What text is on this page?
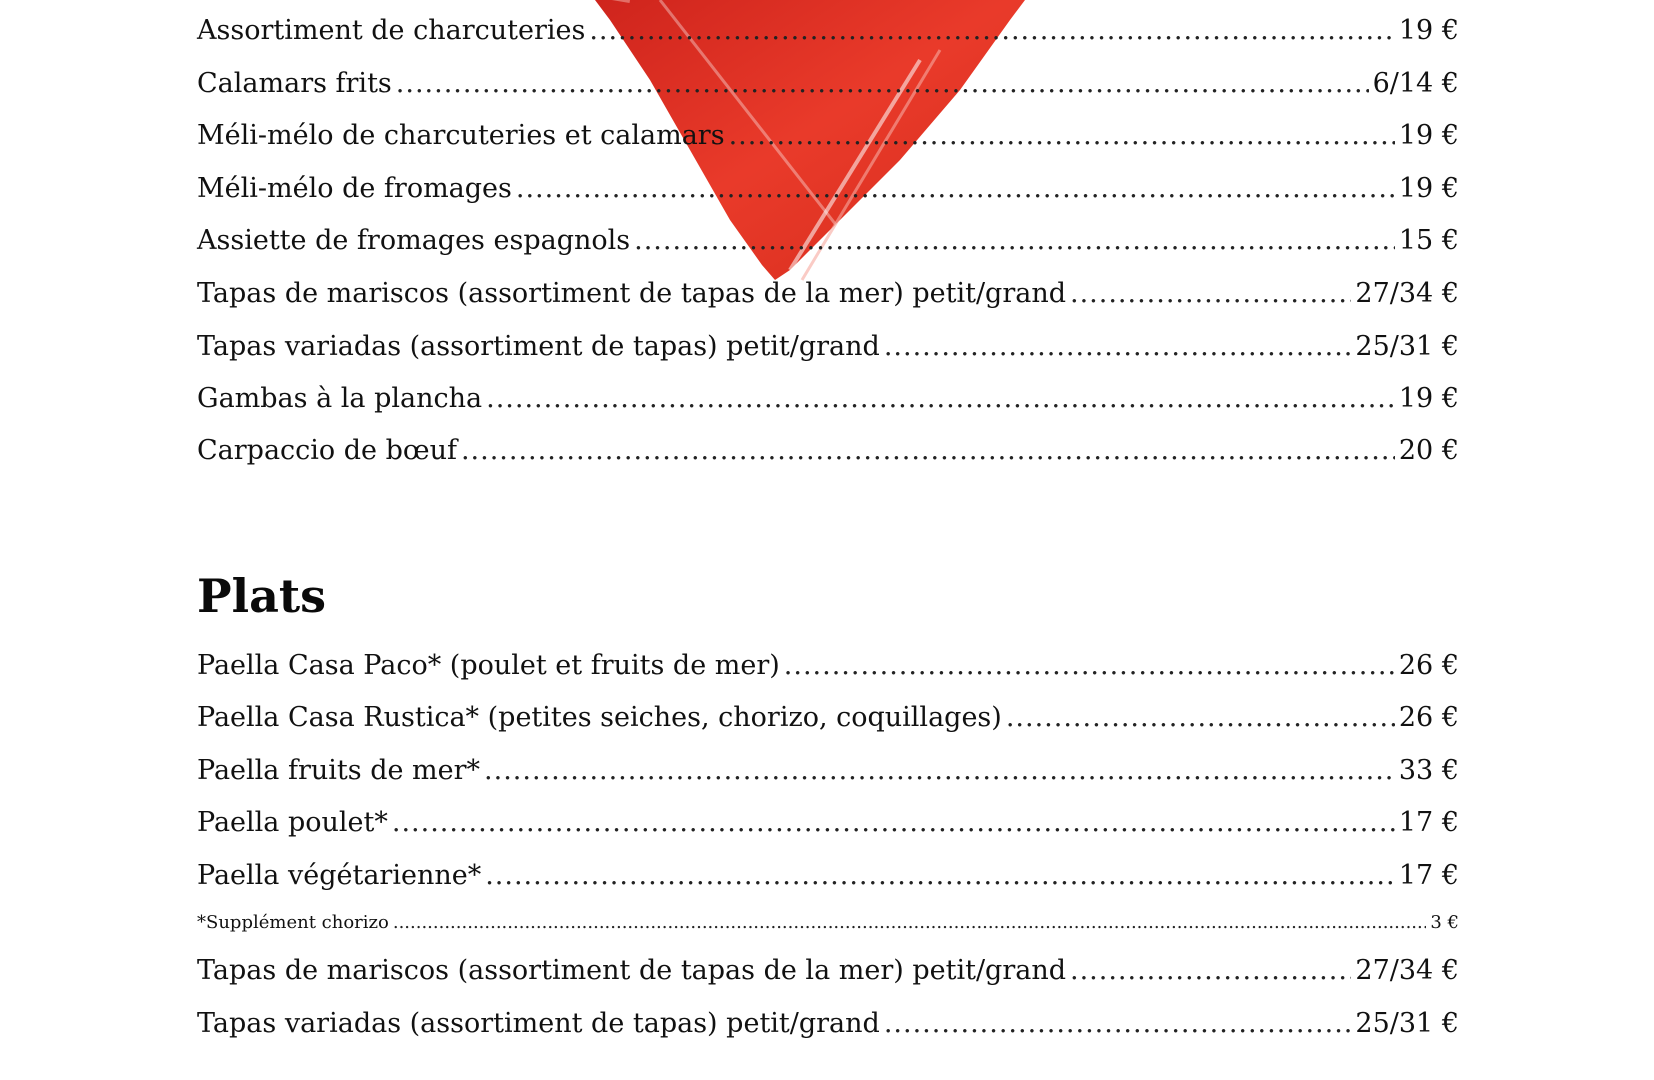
Assortiment de charcuteries .....	19 €
Calamars frits .....	6/14 €
Méli-mélo de charcuteries et calamars .....	19 €
Méli-mélo de fromages .....	19 €
Assiette de fromages espagnols .....	15 €
Tapas de mariscos (assortiment de tapas de la mer) petit/grand .....	27/34 €
Tapas variadas (assortiment de tapas) petit/grand .....	25/31 €
Gambas à la plancha .....	19 €
Carpaccio de bœuf .....	20 €
Plats
Paella Casa Paco* (poulet et fruits de mer) .....	26 €
Paella Casa Rustica* (petites seiches, chorizo, coquillages) .....	26 €
Paella fruits de mer* .....	33 €
Paella poulet* .....	17 €
Paella végétarienne* .....	17 €
*Supplément chorizo .....	3 €
Tapas de mariscos (assortiment de tapas de la mer) petit/grand .....	27/34 €
Tapas variadas (assortiment de tapas) petit/grand .....	25/31 €
